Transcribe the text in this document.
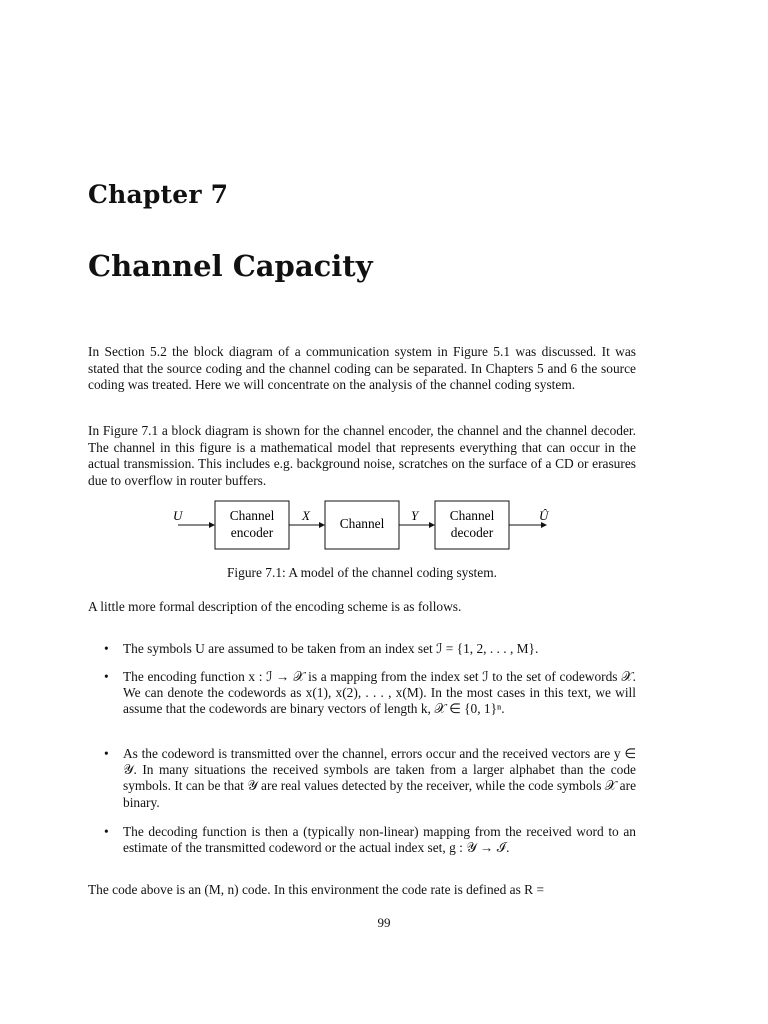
Chapter 7
Channel Capacity

In Section 5.2 the block diagram of a communication system in Figure 5.1 was discussed. It was stated that the source coding and the channel coding can be separated. In Chapters 5 and 6 the source coding was treated. Here we will concentrate on the analysis of the channel coding system.

In Figure 7.1 a block diagram is shown for the channel encoder, the channel and the channel decoder. The channel in this figure is a mathematical model that represents everything that can occur in the actual transmission. This includes e.g. background noise, scratches on the surface of a CD or erasures due to overflow in router buffers.

U	Channel
encoder
X
Channel
Y Channel
decoder
Û
Figure 7.1: A model of the channel coding system.

A little more formal description of the encoding scheme is as follows.

• The symbols U are assumed to be taken from an index set ℐ = {1, 2, . . . , M}.
• The encoding function x : ℐ → 𝒳 is a mapping from the index set ℐ to the set of codewords 𝒳. We can denote the codewords as x(1), x(2), . . . , x(M). In the most cases in this text, we will assume that the codewords are binary vectors of length k, 𝒳 ∈ {0, 1}ⁿ.
• As the codeword is transmitted over the channel, errors occur and the received vectors are y ∈ 𝒴. In many situations the received symbols are taken from a larger alphabet than the code symbols. It can be that 𝒴 are real values detected by the receiver, while the code symbols 𝒳 are binary.
• The decoding function is then a (typically non-linear) mapping from the received word to an estimate of the transmitted codeword or the actual index set, g : 𝒴 → ℐ.

The code above is an (M, n) code. In this environment the code rate is defined as R =

99
